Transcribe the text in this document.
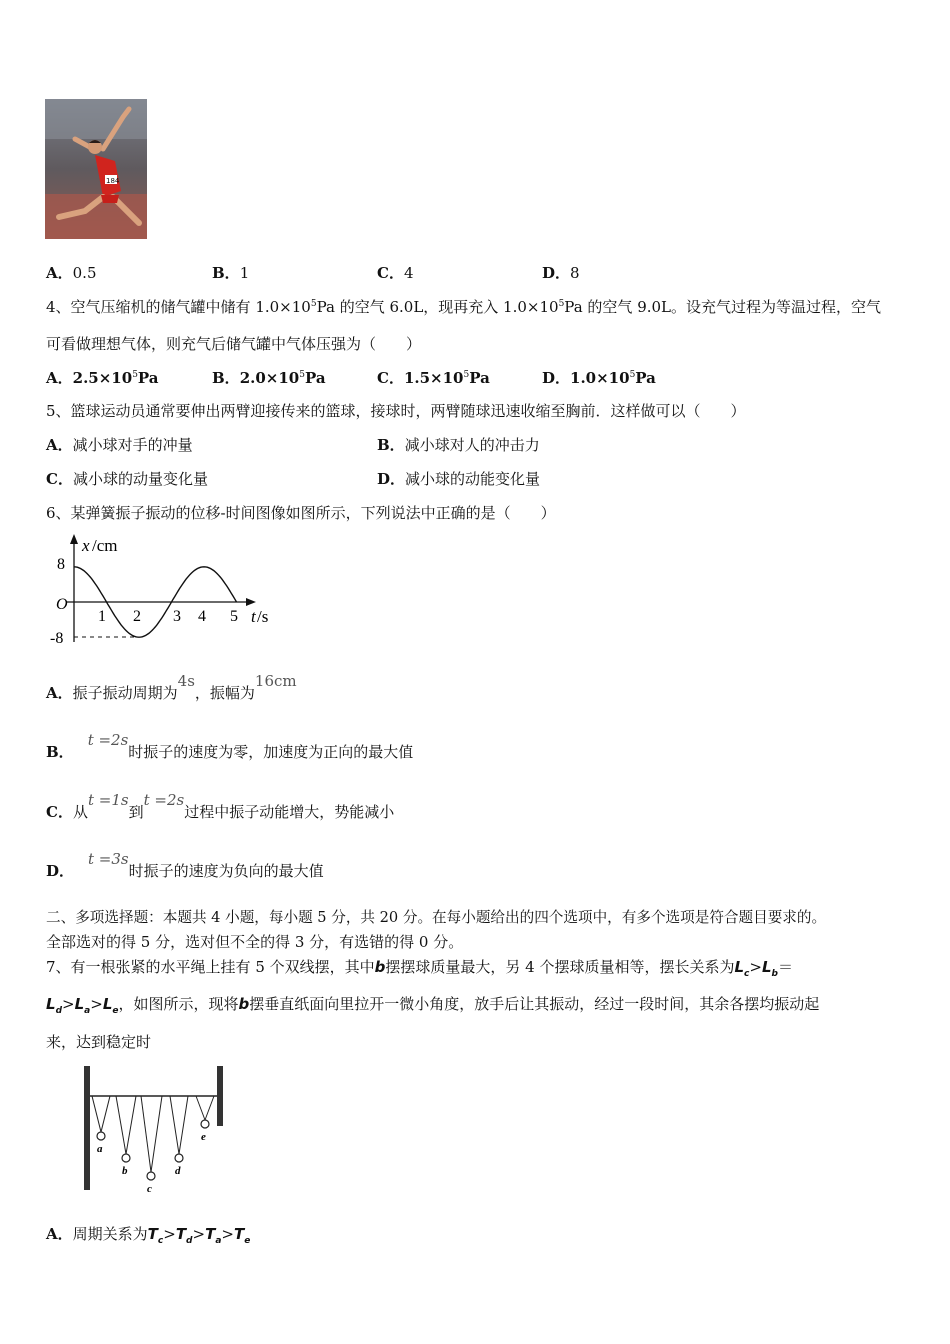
184
A．0.5	B．1	C．4	D．8
4、空气压缩机的储气罐中储有 $1.0\times 10^5Pa$ 的空气 6.0L，现再充入 $1.0\times 10^5Pa$ 的空气 9.0L。设充气过程为等温过程，空气
可看做理想气体，则充气后储气罐中气体压强为（　　）
A．$2.5\times 10^5Pa$	B．$2.0\times 10^5Pa$	C．$1.5\times 10^5Pa$	D．$1.0\times 10^5Pa$
5、篮球运动员通常要伸出两臂迎接传来的篮球，接球时，两臂随球迅速收缩至胸前．这样做可以（　　）
A．减小球对手的冲量	B．减小球对人的冲击力
C．减小球的动量变化量	D．减小球的动能变化量
6、某弹簧振子振动的位移-时间图像如图所示，下列说法中正确的是（　　）
x /cm
t /s
O
8
-8
1 2 3 4 5
A．振子振动周期为4s，振幅为16cm
B．t =2s时振子的速度为零，加速度为正向的最大值
C．从t =1s到t =2s过程中振子动能增大，势能减小
D．t =3s时振子的速度为负向的最大值
二、多项选择题：本题共 4 小题，每小题 5 分，共 20 分。在每小题给出的四个选项中，有多个选项是符合题目要求的。
全部选对的得 5 分，选对但不全的得 3 分，有选错的得 0 分。
7、有一根张紧的水平绳上挂有 5 个双线摆，其中b摆摆球质量最大，另 4 个摆球质量相等，摆长关系为$L_c>L_b=$
$L_d>L_a>L_e$，如图所示，现将b摆垂直纸面向里拉开一微小角度，放手后让其振动，经过一段时间，其余各摆均振动起
来，达到稳定时
a
b
c
d
e
A．周期关系为$T_c>T_d>T_a>T_e$
